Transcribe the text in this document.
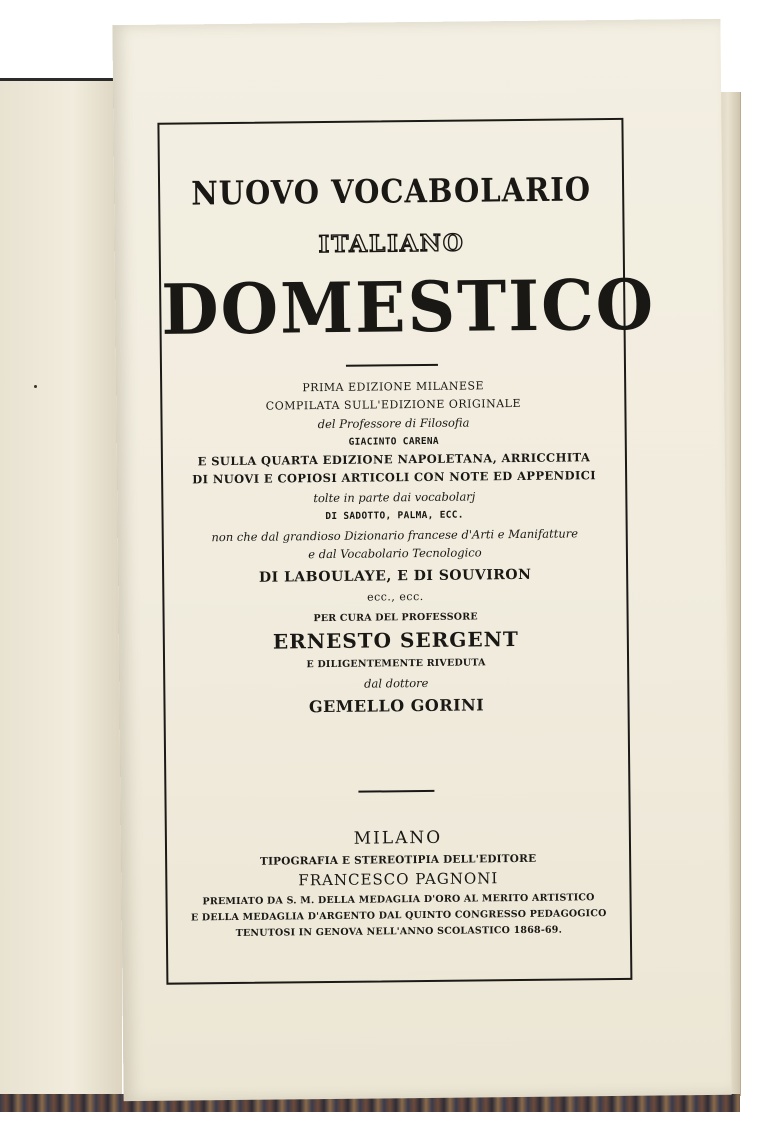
NUOVO VOCABOLARIO
ITALIANO
DOMESTICO
PRIMA EDIZIONE MILANESE
COMPILATA SULL'EDIZIONE ORIGINALE
del Professore di Filosofia
GIACINTO CARENA
E SULLA QUARTA EDIZIONE NAPOLETANA, ARRICCHITA
DI NUOVI E COPIOSI ARTICOLI CON NOTE ED APPENDICI
tolte in parte dai vocabolarj
DI SADOTTO, PALMA, ECC.
non che dal grandioso Dizionario francese d'Arti e Manifatture
e dal Vocabolario Tecnologico
DI LABOULAYE, E DI SOUVIRON
ecc., ecc.
PER CURA DEL PROFESSORE
ERNESTO SERGENT
E DILIGENTEMENTE RIVEDUTA
dal dottore
GEMELLO GORINI
MILANO
TIPOGRAFIA E STEREOTIPIA DELL'EDITORE
FRANCESCO PAGNONI
PREMIATO DA S. M. DELLA MEDAGLIA D'ORO AL MERITO ARTISTICO
E DELLA MEDAGLIA D'ARGENTO DAL QUINTO CONGRESSO PEDAGOGICO
TENUTOSI IN GENOVA NELL'ANNO SCOLASTICO 1868-69.
